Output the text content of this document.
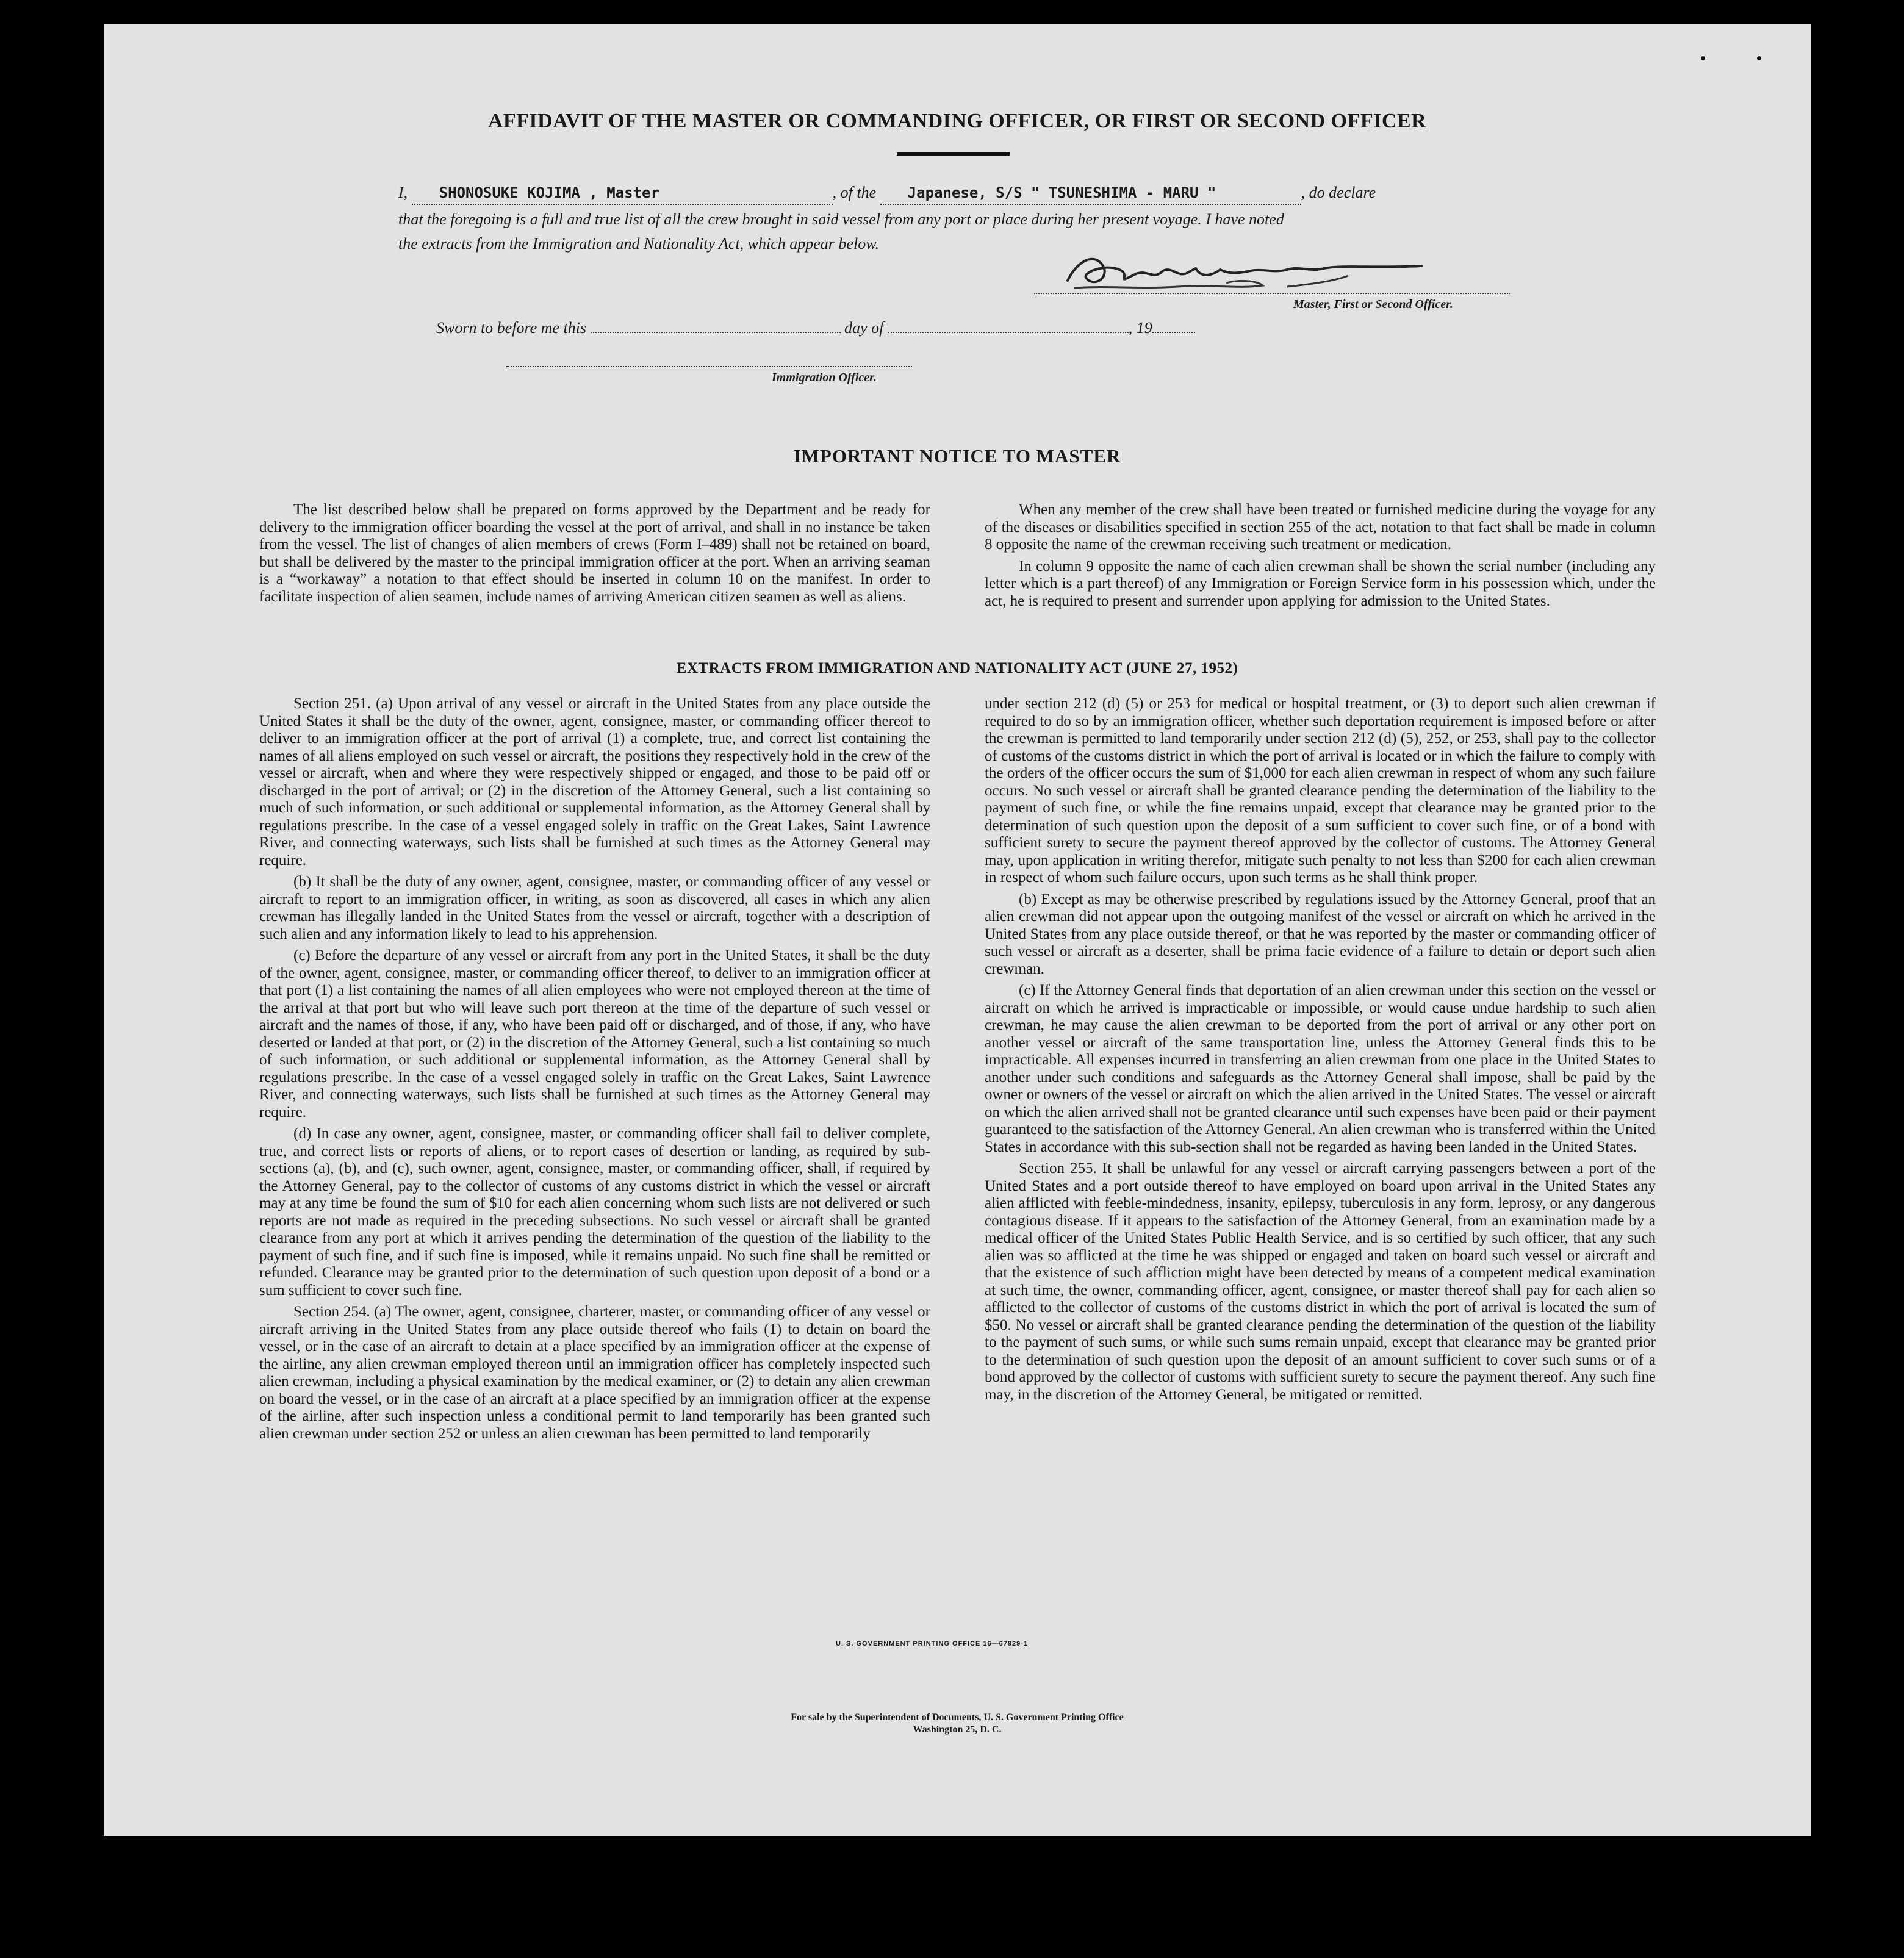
AFFIDAVIT OF THE MASTER OR COMMANDING OFFICER, OR FIRST OR SECOND OFFICER
I, SHONOSUKE KOJIMA , Master	, of the Japanese, S/S " TSUNESHIMA - MARU "	, do declare
that the foregoing is a full and true list of all the crew brought in said vessel from any port or place during her present voyage. I have noted
the extracts from the Immigration and Nationality Act, which appear below.
Master, First or Second Officer.
Sworn to before me this	day of	, 19
Immigration Officer.
IMPORTANT NOTICE TO MASTER

The list described below shall be prepared on forms approved by the Department and be ready for delivery to the immigration officer boarding the vessel at the port of arrival, and shall in no instance be taken from the vessel. The list of changes of alien members of crews (Form I–489) shall not be retained on board, but shall be delivered by the master to the principal immigration officer at the port. When an arriving seaman is a “workaway” a notation to that effect should be inserted in column 10 on the manifest. In order to facilitate inspection of alien seamen, include names of arriving American citizen seamen as well as aliens.

When any member of the crew shall have been treated or furnished medicine during the voyage for any of the diseases or disabilities specified in section 255 of the act, notation to that fact shall be made in column 8 opposite the name of the crewman receiving such treatment or medication.

In column 9 opposite the name of each alien crewman shall be shown the serial number (including any letter which is a part thereof) of any Immigration or Foreign Service form in his possession which, under the act, he is required to present and surrender upon applying for admission to the United States.

EXTRACTS FROM IMMIGRATION AND NATIONALITY ACT (JUNE 27, 1952)

Section 251. (a) Upon arrival of any vessel or aircraft in the United States from any place outside the United States it shall be the duty of the owner, agent, consignee, master, or commanding officer thereof to deliver to an immigration officer at the port of arrival (1) a complete, true, and correct list containing the names of all aliens employed on such vessel or aircraft, the positions they respectively hold in the crew of the vessel or aircraft, when and where they were respectively shipped or engaged, and those to be paid off or discharged in the port of arrival; or (2) in the discretion of the Attorney General, such a list containing so much of such information, or such additional or supplemental information, as the Attorney General shall by regulations prescribe. In the case of a vessel engaged solely in traffic on the Great Lakes, Saint Lawrence River, and connecting waterways, such lists shall be furnished at such times as the Attorney General may require.

(b) It shall be the duty of any owner, agent, consignee, master, or commanding officer of any vessel or aircraft to report to an immigration officer, in writing, as soon as discovered, all cases in which any alien crewman has illegally landed in the United States from the vessel or aircraft, together with a description of such alien and any information likely to lead to his apprehension.

(c) Before the departure of any vessel or aircraft from any port in the United States, it shall be the duty of the owner, agent, consignee, master, or commanding officer thereof, to deliver to an immigration officer at that port (1) a list containing the names of all alien employees who were not employed thereon at the time of the arrival at that port but who will leave such port thereon at the time of the departure of such vessel or aircraft and the names of those, if any, who have been paid off or discharged, and of those, if any, who have deserted or landed at that port, or (2) in the discretion of the Attorney General, such a list containing so much of such information, or such additional or supplemental information, as the Attorney General shall by regulations prescribe. In the case of a vessel engaged solely in traffic on the Great Lakes, Saint Lawrence River, and connecting waterways, such lists shall be furnished at such times as the Attorney General may require.

(d) In case any owner, agent, consignee, master, or commanding officer shall fail to deliver complete, true, and correct lists or reports of aliens, or to report cases of desertion or landing, as required by sub-sections (a), (b), and (c), such owner, agent, consignee, master, or commanding officer, shall, if required by the Attorney General, pay to the collector of customs of any customs district in which the vessel or aircraft may at any time be found the sum of $10 for each alien concerning whom such lists are not delivered or such reports are not made as required in the preceding subsections. No such vessel or aircraft shall be granted clearance from any port at which it arrives pending the determination of the question of the liability to the payment of such fine, and if such fine is imposed, while it remains unpaid. No such fine shall be remitted or refunded. Clearance may be granted prior to the determination of such question upon deposit of a bond or a sum sufficient to cover such fine.

Section 254. (a) The owner, agent, consignee, charterer, master, or commanding officer of any vessel or aircraft arriving in the United States from any place outside thereof who fails (1) to detain on board the vessel, or in the case of an aircraft to detain at a place specified by an immigration officer at the expense of the airline, any alien crewman employed thereon until an immigration officer has completely inspected such alien crewman, including a physical examination by the medical examiner, or (2) to detain any alien crewman on board the vessel, or in the case of an aircraft at a place specified by an immigration officer at the expense of the airline, after such inspection unless a conditional permit to land temporarily has been granted such alien crewman under section 252 or unless an alien crewman has been permitted to land temporarily

under section 212 (d) (5) or 253 for medical or hospital treatment, or (3) to deport such alien crewman if required to do so by an immigration officer, whether such deportation requirement is imposed before or after the crewman is permitted to land temporarily under section 212 (d) (5), 252, or 253, shall pay to the collector of customs of the customs district in which the port of arrival is located or in which the failure to comply with the orders of the officer occurs the sum of $1,000 for each alien crewman in respect of whom any such failure occurs. No such vessel or aircraft shall be granted clearance pending the determination of the liability to the payment of such fine, or while the fine remains unpaid, except that clearance may be granted prior to the determination of such question upon the deposit of a sum sufficient to cover such fine, or of a bond with sufficient surety to secure the payment thereof approved by the collector of customs. The Attorney General may, upon application in writing therefor, mitigate such penalty to not less than $200 for each alien crewman in respect of whom such failure occurs, upon such terms as he shall think proper.

(b) Except as may be otherwise prescribed by regulations issued by the Attorney General, proof that an alien crewman did not appear upon the outgoing manifest of the vessel or aircraft on which he arrived in the United States from any place outside thereof, or that he was reported by the master or commanding officer of such vessel or aircraft as a deserter, shall be prima facie evidence of a failure to detain or deport such alien crewman.

(c) If the Attorney General finds that deportation of an alien crewman under this section on the vessel or aircraft on which he arrived is impracticable or impossible, or would cause undue hardship to such alien crewman, he may cause the alien crewman to be deported from the port of arrival or any other port on another vessel or aircraft of the same transportation line, unless the Attorney General finds this to be impracticable. All expenses incurred in transferring an alien crewman from one place in the United States to another under such conditions and safeguards as the Attorney General shall impose, shall be paid by the owner or owners of the vessel or aircraft on which the alien arrived in the United States. The vessel or aircraft on which the alien arrived shall not be granted clearance until such expenses have been paid or their payment guaranteed to the satisfaction of the Attorney General. An alien crewman who is transferred within the United States in accordance with this sub-section shall not be regarded as having been landed in the United States.

Section 255. It shall be unlawful for any vessel or aircraft carrying passengers between a port of the United States and a port outside thereof to have employed on board upon arrival in the United States any alien afflicted with feeble-mindedness, insanity, epilepsy, tuberculosis in any form, leprosy, or any dangerous contagious disease. If it appears to the satisfaction of the Attorney General, from an examination made by a medical officer of the United States Public Health Service, and is so certified by such officer, that any such alien was so afflicted at the time he was shipped or engaged and taken on board such vessel or aircraft and that the existence of such affliction might have been detected by means of a competent medical examination at such time, the owner, commanding officer, agent, consignee, or master thereof shall pay for each alien so afflicted to the collector of customs of the customs district in which the port of arrival is located the sum of $50. No vessel or aircraft shall be granted clearance pending the determination of the question of the liability to the payment of such sums, or while such sums remain unpaid, except that clearance may be granted prior to the determination of such question upon the deposit of an amount sufficient to cover such sums or of a bond approved by the collector of customs with sufficient surety to secure the payment thereof. Any such fine may, in the discretion of the Attorney General, be mitigated or remitted.

U. S. GOVERNMENT PRINTING OFFICE 16—67829-1
For sale by the Superintendent of Documents, U. S. Government Printing Office
Washington 25, D. C.
